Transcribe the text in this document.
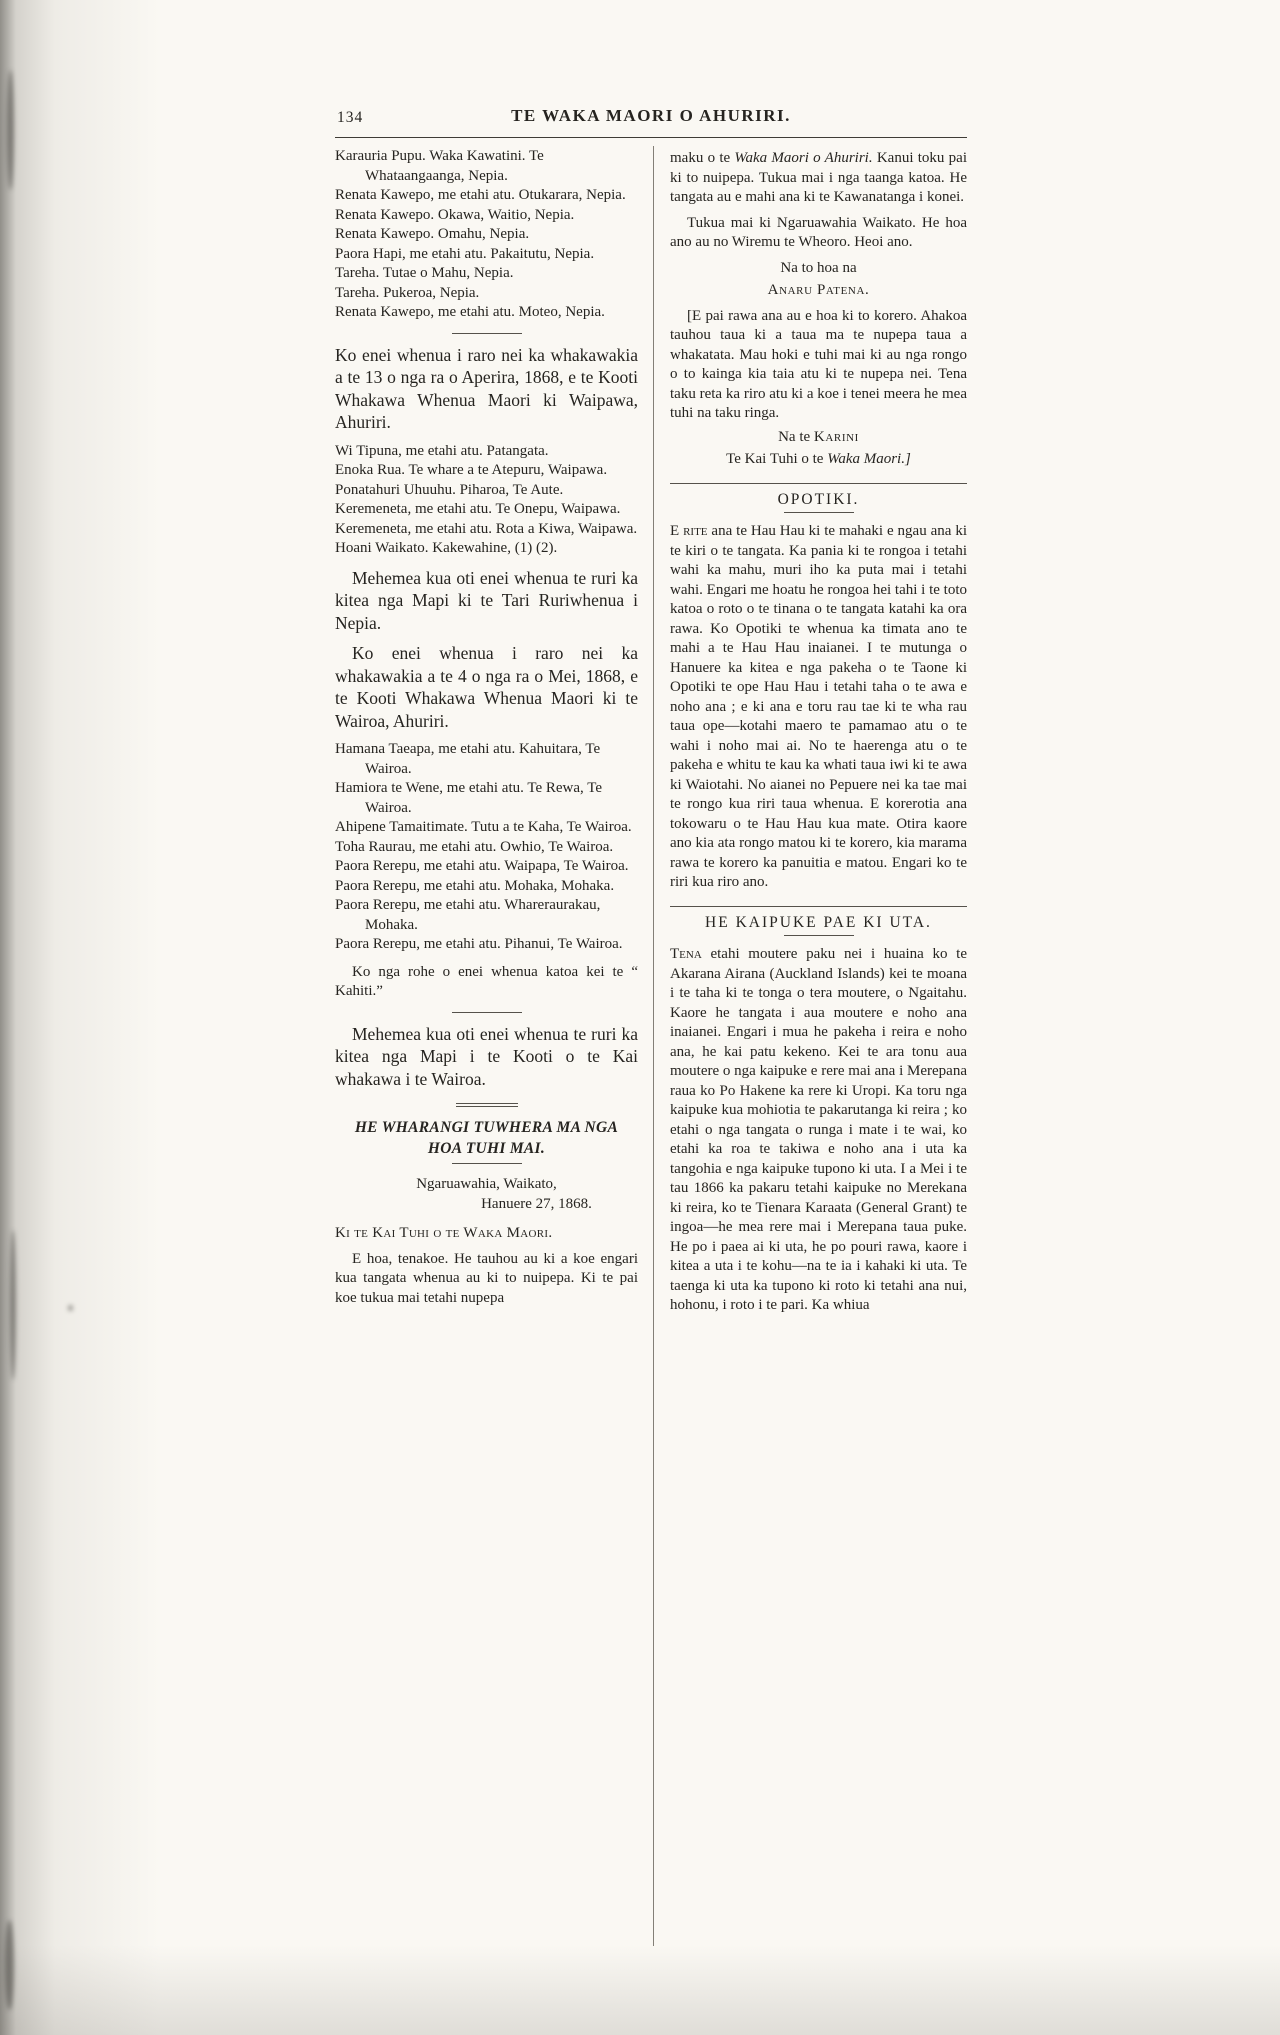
134	TE WAKA MAORI O AHURIRI.

Karauria Pupu. Waka Kawatini. Te Whataangaanga, Nepia.

Renata Kawepo, me etahi atu. Otukarara, Nepia.

Renata Kawepo. Okawa, Waitio, Nepia.

Renata Kawepo. Omahu, Nepia.

Paora Hapi, me etahi atu. Pakaitutu, Nepia.

Tareha. Tutae o Mahu, Nepia.

Tareha. Pukeroa, Nepia.

Renata Kawepo, me etahi atu. Moteo, Nepia.

Ko enei whenua i raro nei ka whakawakia a te 13 o nga ra o Aperira, 1868, e te Kooti Whakawa Whenua Maori ki Waipawa, Ahuriri.

Wi Tipuna, me etahi atu. Patangata.

Enoka Rua. Te whare a te Atepuru, Waipawa.

Ponatahuri Uhuuhu. Piharoa, Te Aute.

Keremeneta, me etahi atu. Te Onepu, Waipawa.

Keremeneta, me etahi atu. Rota a Kiwa, Waipawa.

Hoani Waikato. Kakewahine, (1) (2).

Mehemea kua oti enei whenua te ruri ka kitea nga Mapi ki te Tari Ruriwhenua i Nepia.

Ko enei whenua i raro nei ka whakawakia a te 4 o nga ra o Mei, 1868, e te Kooti Whakawa Whenua Maori ki te Wairoa, Ahuriri.

Hamana Taeapa, me etahi atu. Kahuitara, Te Wairoa.

Hamiora te Wene, me etahi atu. Te Rewa, Te Wairoa.

Ahipene Tamaitimate. Tutu a te Kaha, Te Wairoa.

Toha Raurau, me etahi atu. Owhio, Te Wairoa.

Paora Rerepu, me etahi atu. Waipapa, Te Wairoa.

Paora Rerepu, me etahi atu. Mohaka, Mohaka.

Paora Rerepu, me etahi atu. Whareraurakau, Mohaka.

Paora Rerepu, me etahi atu. Pihanui, Te Wairoa.

Ko nga rohe o enei whenua katoa kei te “ Kahiti.”

Mehemea kua oti enei whenua te ruri ka kitea nga Mapi i te Kooti o te Kai whakawa i te Wairoa.

HE WHARANGI TUWHERA MA NGA
HOA TUHI MAI.
Ngaruawahia, Waikato,
Hanuere 27, 1868.

Ki te Kai Tuhi o te Waka Maori.

E hoa, tenakoe. He tauhou au ki a koe engari kua tangata whenua au ki to nuipepa. Ki te pai koe tukua mai tetahi nupepa

maku o te Waka Maori o Ahuriri. Kanui toku pai ki to nuipepa. Tukua mai i nga taanga katoa. He tangata au e mahi ana ki te Kawanatanga i konei.

Tukua mai ki Ngaruawahia Waikato. He hoa ano au no Wiremu te Wheoro. Heoi ano.

Na to hoa na

Anaru Patena.

[E pai rawa ana au e hoa ki to korero. Ahakoa tauhou taua ki a taua ma te nupepa taua a whakatata. Mau hoki e tuhi mai ki au nga rongo o to kainga kia taia atu ki te nupepa nei. Tena taku reta ka riro atu ki a koe i tenei meera he mea tuhi na taku ringa.

Na te Karini

Te Kai Tuhi o te Waka Maori.]

OPOTIKI.

E rite ana te Hau Hau ki te mahaki e ngau ana ki te kiri o te tangata. Ka pania ki te rongoa i tetahi wahi ka mahu, muri iho ka puta mai i tetahi wahi. Engari me hoatu he rongoa hei tahi i te toto katoa o roto o te tinana o te tangata katahi ka ora rawa. Ko Opotiki te whenua ka timata ano te mahi a te Hau Hau inaianei. I te mutunga o Hanuere ka kitea e nga pakeha o te Taone ki Opotiki te ope Hau Hau i tetahi taha o te awa e noho ana ; e ki ana e toru rau tae ki te wha rau taua ope—kotahi maero te pamamao atu o te wahi i noho mai ai. No te haerenga atu o te pakeha e whitu te kau ka whati taua iwi ki te awa ki Waiotahi. No aianei no Pepuere nei ka tae mai te rongo kua riri taua whenua. E korerotia ana tokowaru o te Hau Hau kua mate. Otira kaore ano kia ata rongo matou ki te korero, kia marama rawa te korero ka panuitia e matou. Engari ko te riri kua riro ano.

HE KAIPUKE PAE KI UTA.

Tena etahi moutere paku nei i huaina ko te Akarana Airana (Auckland Islands) kei te moana i te taha ki te tonga o tera moutere, o Ngaitahu. Kaore he tangata i aua moutere e noho ana inaianei. Engari i mua he pakeha i reira e noho ana, he kai patu kekeno. Kei te ara tonu aua moutere o nga kaipuke e rere mai ana i Merepana raua ko Po Hakene ka rere ki Uropi. Ka toru nga kaipuke kua mohiotia te pakarutanga ki reira ; ko etahi o nga tangata o runga i mate i te wai, ko etahi ka roa te takiwa e noho ana i uta ka tangohia e nga kaipuke tupono ki uta. I a Mei i te tau 1866 ka pakaru tetahi kaipuke no Merekana ki reira, ko te Tienara Karaata (General Grant) te ingoa—he mea rere mai i Merepana taua puke. He po i paea ai ki uta, he po pouri rawa, kaore i kitea a uta i te kohu—na te ia i kahaki ki uta. Te taenga ki uta ka tupono ki roto ki tetahi ana nui, hohonu, i roto i te pari. Ka whiua
